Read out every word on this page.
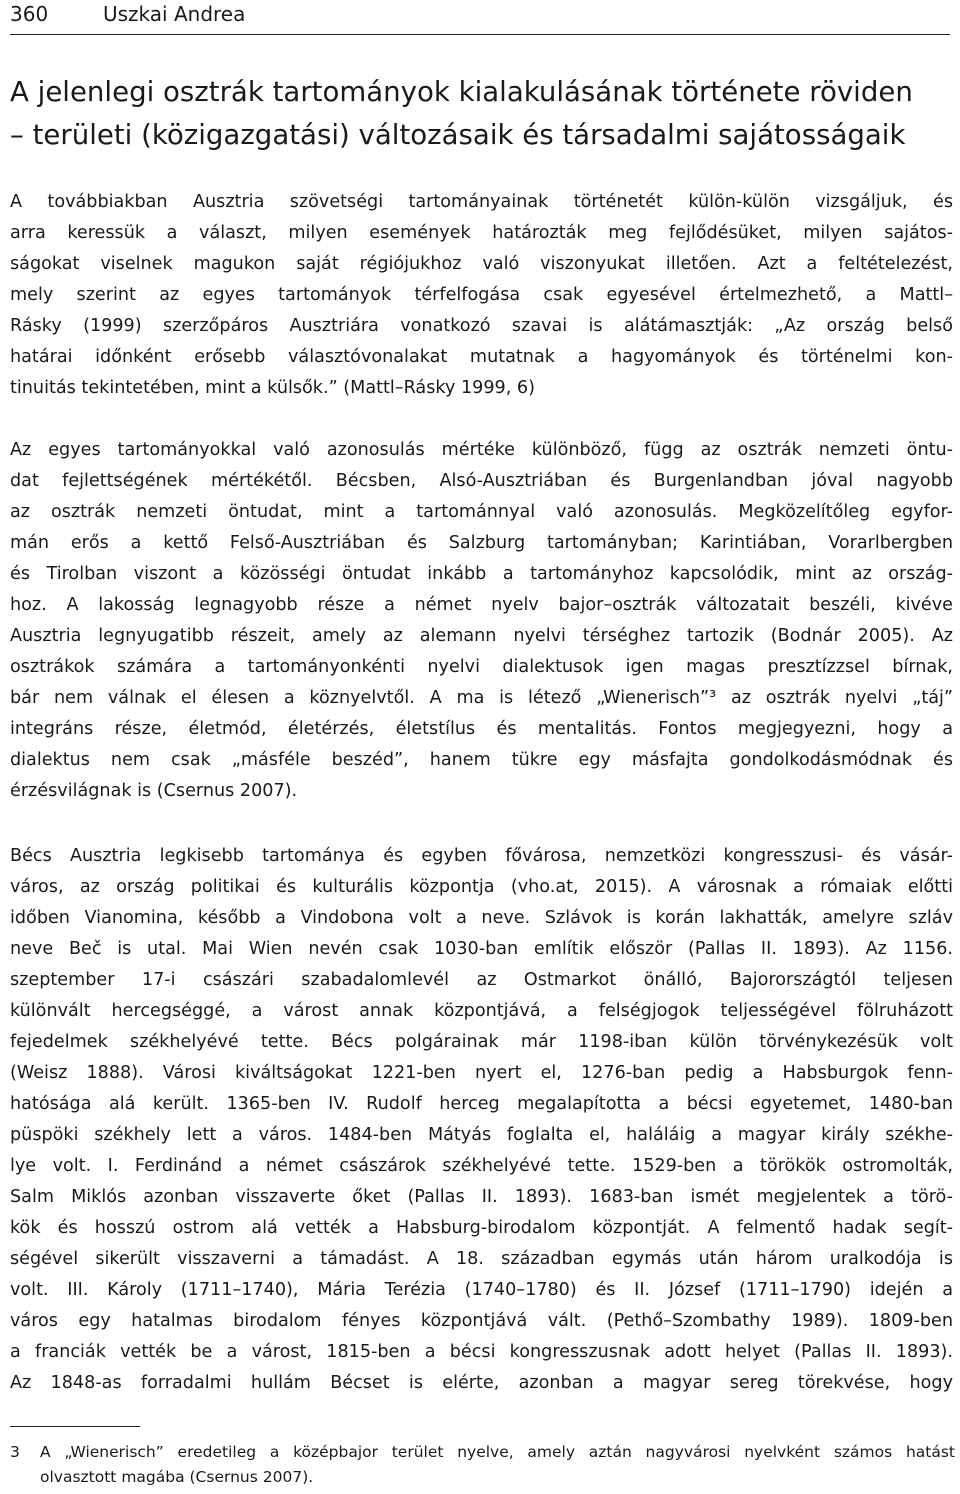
360	Uszkai Andrea
A jelenlegi osztrák tartományok kialakulásának története röviden
– területi (közigazgatási) változásaik és társadalmi sajátosságaik
A továbbiakban Ausztria szövetségi tartományainak történetét külön-külön vizsgáljuk, és
arra keressük a választ, milyen események határozták meg fejlődésüket, milyen sajátos-
ságokat viselnek magukon saját régiójukhoz való viszonyukat illetően. Azt a feltételezést,
mely szerint az egyes tartományok térfelfogása csak egyesével értelmezhető, a Mattl–
Rásky (1999) szerzőpáros Ausztriára vonatkozó szavai is alátámasztják: „Az ország belső
határai időnként erősebb választóvonalakat mutatnak a hagyományok és történelmi kon-
tinuitás tekintetében, mint a külsők.” (Mattl–Rásky 1999, 6)
Az egyes tartományokkal való azonosulás mértéke különböző, függ az osztrák nemzeti öntu-
dat fejlettségének mértékétől. Bécsben, Alsó-Ausztriában és Burgenlandban jóval nagyobb
az osztrák nemzeti öntudat, mint a tartománnyal való azonosulás. Megközelítőleg egyfor-
mán erős a kettő Felső-Ausztriában és Salzburg tartományban; Karintiában, Vorarlbergben
és Tirolban viszont a közösségi öntudat inkább a tartományhoz kapcsolódik, mint az ország-
hoz. A lakosság legnagyobb része a német nyelv bajor–osztrák változatait beszéli, kivéve
Ausztria legnyugatibb részeit, amely az alemann nyelvi térséghez tartozik (Bodnár 2005). Az
osztrákok számára a tartományonkénti nyelvi dialektusok igen magas presztízzsel bírnak,
bár nem válnak el élesen a köznyelvtől. A ma is létező „Wienerisch”³ az osztrák nyelvi „táj”
integráns része, életmód, életérzés, életstílus és mentalitás. Fontos megjegyezni, hogy a
dialektus nem csak „másféle beszéd”, hanem tükre egy másfajta gondolkodásmódnak és
érzésvilágnak is (Csernus 2007).
Bécs Ausztria legkisebb tartománya és egyben fővárosa, nemzetközi kongresszusi- és vásár-
város, az ország politikai és kulturális központja (vho.at, 2015). A városnak a rómaiak előtti
időben Vianomina, később a Vindobona volt a neve. Szlávok is korán lakhatták, amelyre szláv
neve Beč is utal. Mai Wien nevén csak 1030-ban említik először (Pallas II. 1893). Az 1156.
szeptember 17-i császári szabadalomlevél az Ostmarkot önálló, Bajorországtól teljesen
különvált hercegséggé, a várost annak központjává, a felségjogok teljességével fölruházott
fejedelmek székhelyévé tette. Bécs polgárainak már 1198-iban külön törvénykezésük volt
(Weisz 1888). Városi kiváltságokat 1221-ben nyert el, 1276-ban pedig a Habsburgok fenn-
hatósága alá került. 1365-ben IV. Rudolf herceg megalapította a bécsi egyetemet, 1480-ban
püspöki székhely lett a város. 1484-ben Mátyás foglalta el, haláláig a magyar király székhe-
lye volt. I. Ferdinánd a német császárok székhelyévé tette. 1529-ben a törökök ostromolták,
Salm Miklós azonban visszaverte őket (Pallas II. 1893). 1683-ban ismét megjelentek a törö-
kök és hosszú ostrom alá vették a Habsburg-birodalom központját. A felmentő hadak segít-
ségével sikerült visszaverni a támadást. A 18. században egymás után három uralkodója is
volt. III. Károly (1711–1740), Mária Terézia (1740–1780) és II. József (1711–1790) idején a
város egy hatalmas birodalom fényes központjává vált. (Pethő–Szombathy 1989). 1809-ben
a franciák vették be a várost, 1815-ben a bécsi kongresszusnak adott helyet (Pallas II. 1893).
Az 1848-as forradalmi hullám Bécset is elérte, azonban a magyar sereg törekvése, hogy
3 A „Wienerisch” eredetileg a középbajor terület nyelve, amely aztán nagyvárosi nyelvként számos hatást
olvasztott magába (Csernus 2007).
